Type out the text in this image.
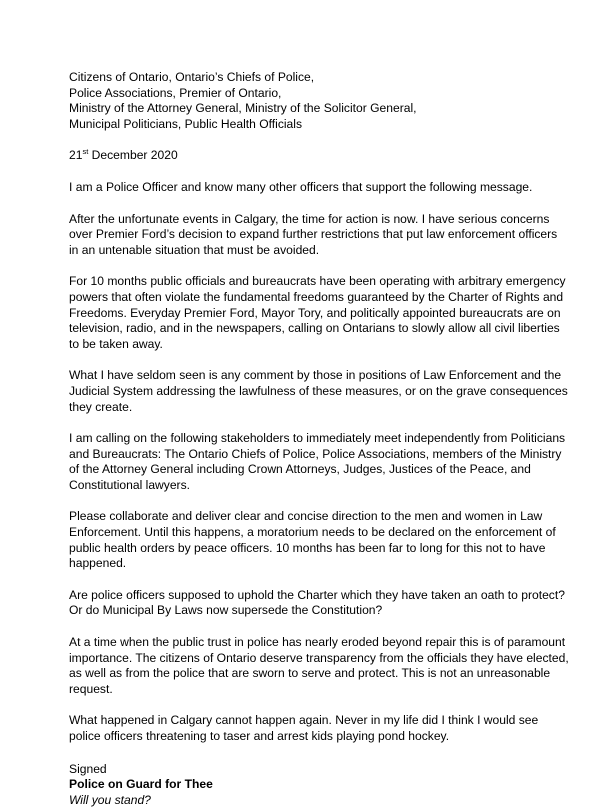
Citizens of Ontario, Ontario’s Chiefs of Police,
Police Associations, Premier of Ontario,
Ministry of the Attorney General, Ministry of the Solicitor General,
Municipal Politicians, Public Health Officials
21st December 2020

I am a Police Officer and know many other officers that support the following message.

After the unfortunate events in Calgary, the time for action is now. I have serious concerns over Premier Ford’s decision to expand further restrictions that put law enforcement officers in an untenable situation that must be avoided.

For 10 months public officials and bureaucrats have been operating with arbitrary emergency powers that often violate the fundamental freedoms guaranteed by the Charter of Rights and Freedoms. Everyday Premier Ford, Mayor Tory, and politically appointed bureaucrats are on television, radio, and in the newspapers, calling on Ontarians to slowly allow all civil liberties to be taken away.

What I have seldom seen is any comment by those in positions of Law Enforcement and the Judicial System addressing the lawfulness of these measures, or on the grave consequences they create.

I am calling on the following stakeholders to immediately meet independently from Politicians and Bureaucrats: The Ontario Chiefs of Police, Police Associations, members of the Ministry of the Attorney General including Crown Attorneys, Judges, Justices of the Peace, and Constitutional lawyers.

Please collaborate and deliver clear and concise direction to the men and women in Law Enforcement. Until this happens, a moratorium needs to be declared on the enforcement of public health orders by peace officers. 10 months has been far to long for this not to have happened.

Are police officers supposed to uphold the Charter which they have taken an oath to protect? Or do Municipal By Laws now supersede the Constitution?

At a time when the public trust in police has nearly eroded beyond repair this is of paramount importance. The citizens of Ontario deserve transparency from the officials they have elected, as well as from the police that are sworn to serve and protect. This is not an unreasonable request.

What happened in Calgary cannot happen again. Never in my life did I think I would see police officers threatening to taser and arrest kids playing pond hockey.

Signed
Police on Guard for Thee
Will you stand?
